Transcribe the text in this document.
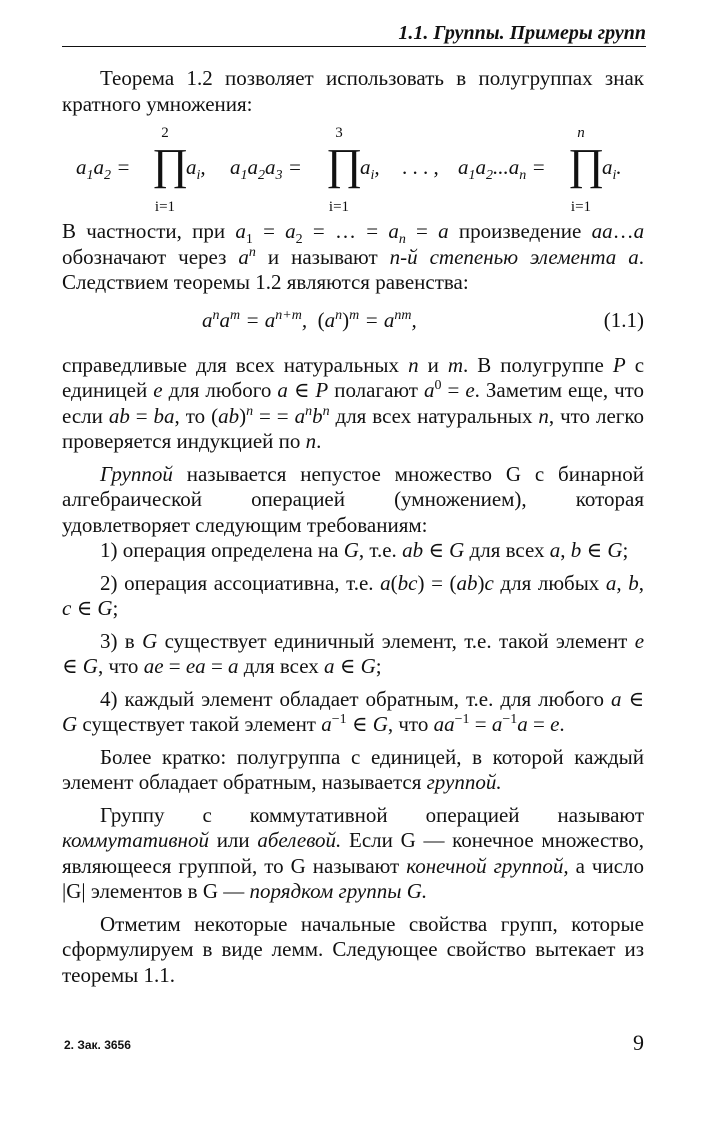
1.1. Группы. Примеры групп

Теорема 1.2 позволяет использовать в полугруппах знак кратного умножения:

$a_1a_2$ =
2
∏
i=1
$a_i$, $a_1a_2a_3$ =
3
∏
i=1
$a_i$, . . . , $a_1a_2...a_n$ =
n
∏
i=1
$a_i$.

В частности, при $a_1 = a_2$ = … = $a_n = a$ произведение aa…a обозначают через $a^n$ и называют n-й степенью элемента a. Следствием теоремы 1.2 являются равенства:

$a^na^m = a^{n+m}$,  $(a^n)^m = a^{nm}$,	(1.1)

справедливые для всех натуральных n и m. В полугруппе P с единицей e для любого a ∈ P полагают $a^0 = e$. Заметим еще, что если ab = ba, то (ab)$^n$ = = $a^nb^n$ для всех натуральных n, что легко проверяется индукцией по n.

Группой называется непустое множество G с бинарной алгебраической операцией (умножением), которая удовлетворяет следующим требованиям:

1) операция определена на G, т.е. ab ∈ G для всех a, b ∈ G;

2) операция ассоциативна, т.е. a(bc) = (ab)c для любых a, b, c ∈ G;

3) в G существует единичный элемент, т.е. такой элемент e ∈ G, что ae = ea = a для всех a ∈ G;

4) каждый элемент обладает обратным, т.е. для любого a ∈ G существует такой элемент $a^{-1}$ ∈ G, что $aa^{-1} = a^{-1}a = e$.

Более кратко: полугруппа с единицей, в которой каждый элемент обладает обратным, называется группой.

Группу с коммутативной операцией называют коммутативной или абелевой. Если G — конечное множество, являющееся группой, то G называют конечной группой, а число |G| элементов в G — порядком группы G.

Отметим некоторые начальные свойства групп, которые сформулируем в виде лемм. Следующее свойство вытекает из теоремы 1.1.

2. Зак. 3656	9
